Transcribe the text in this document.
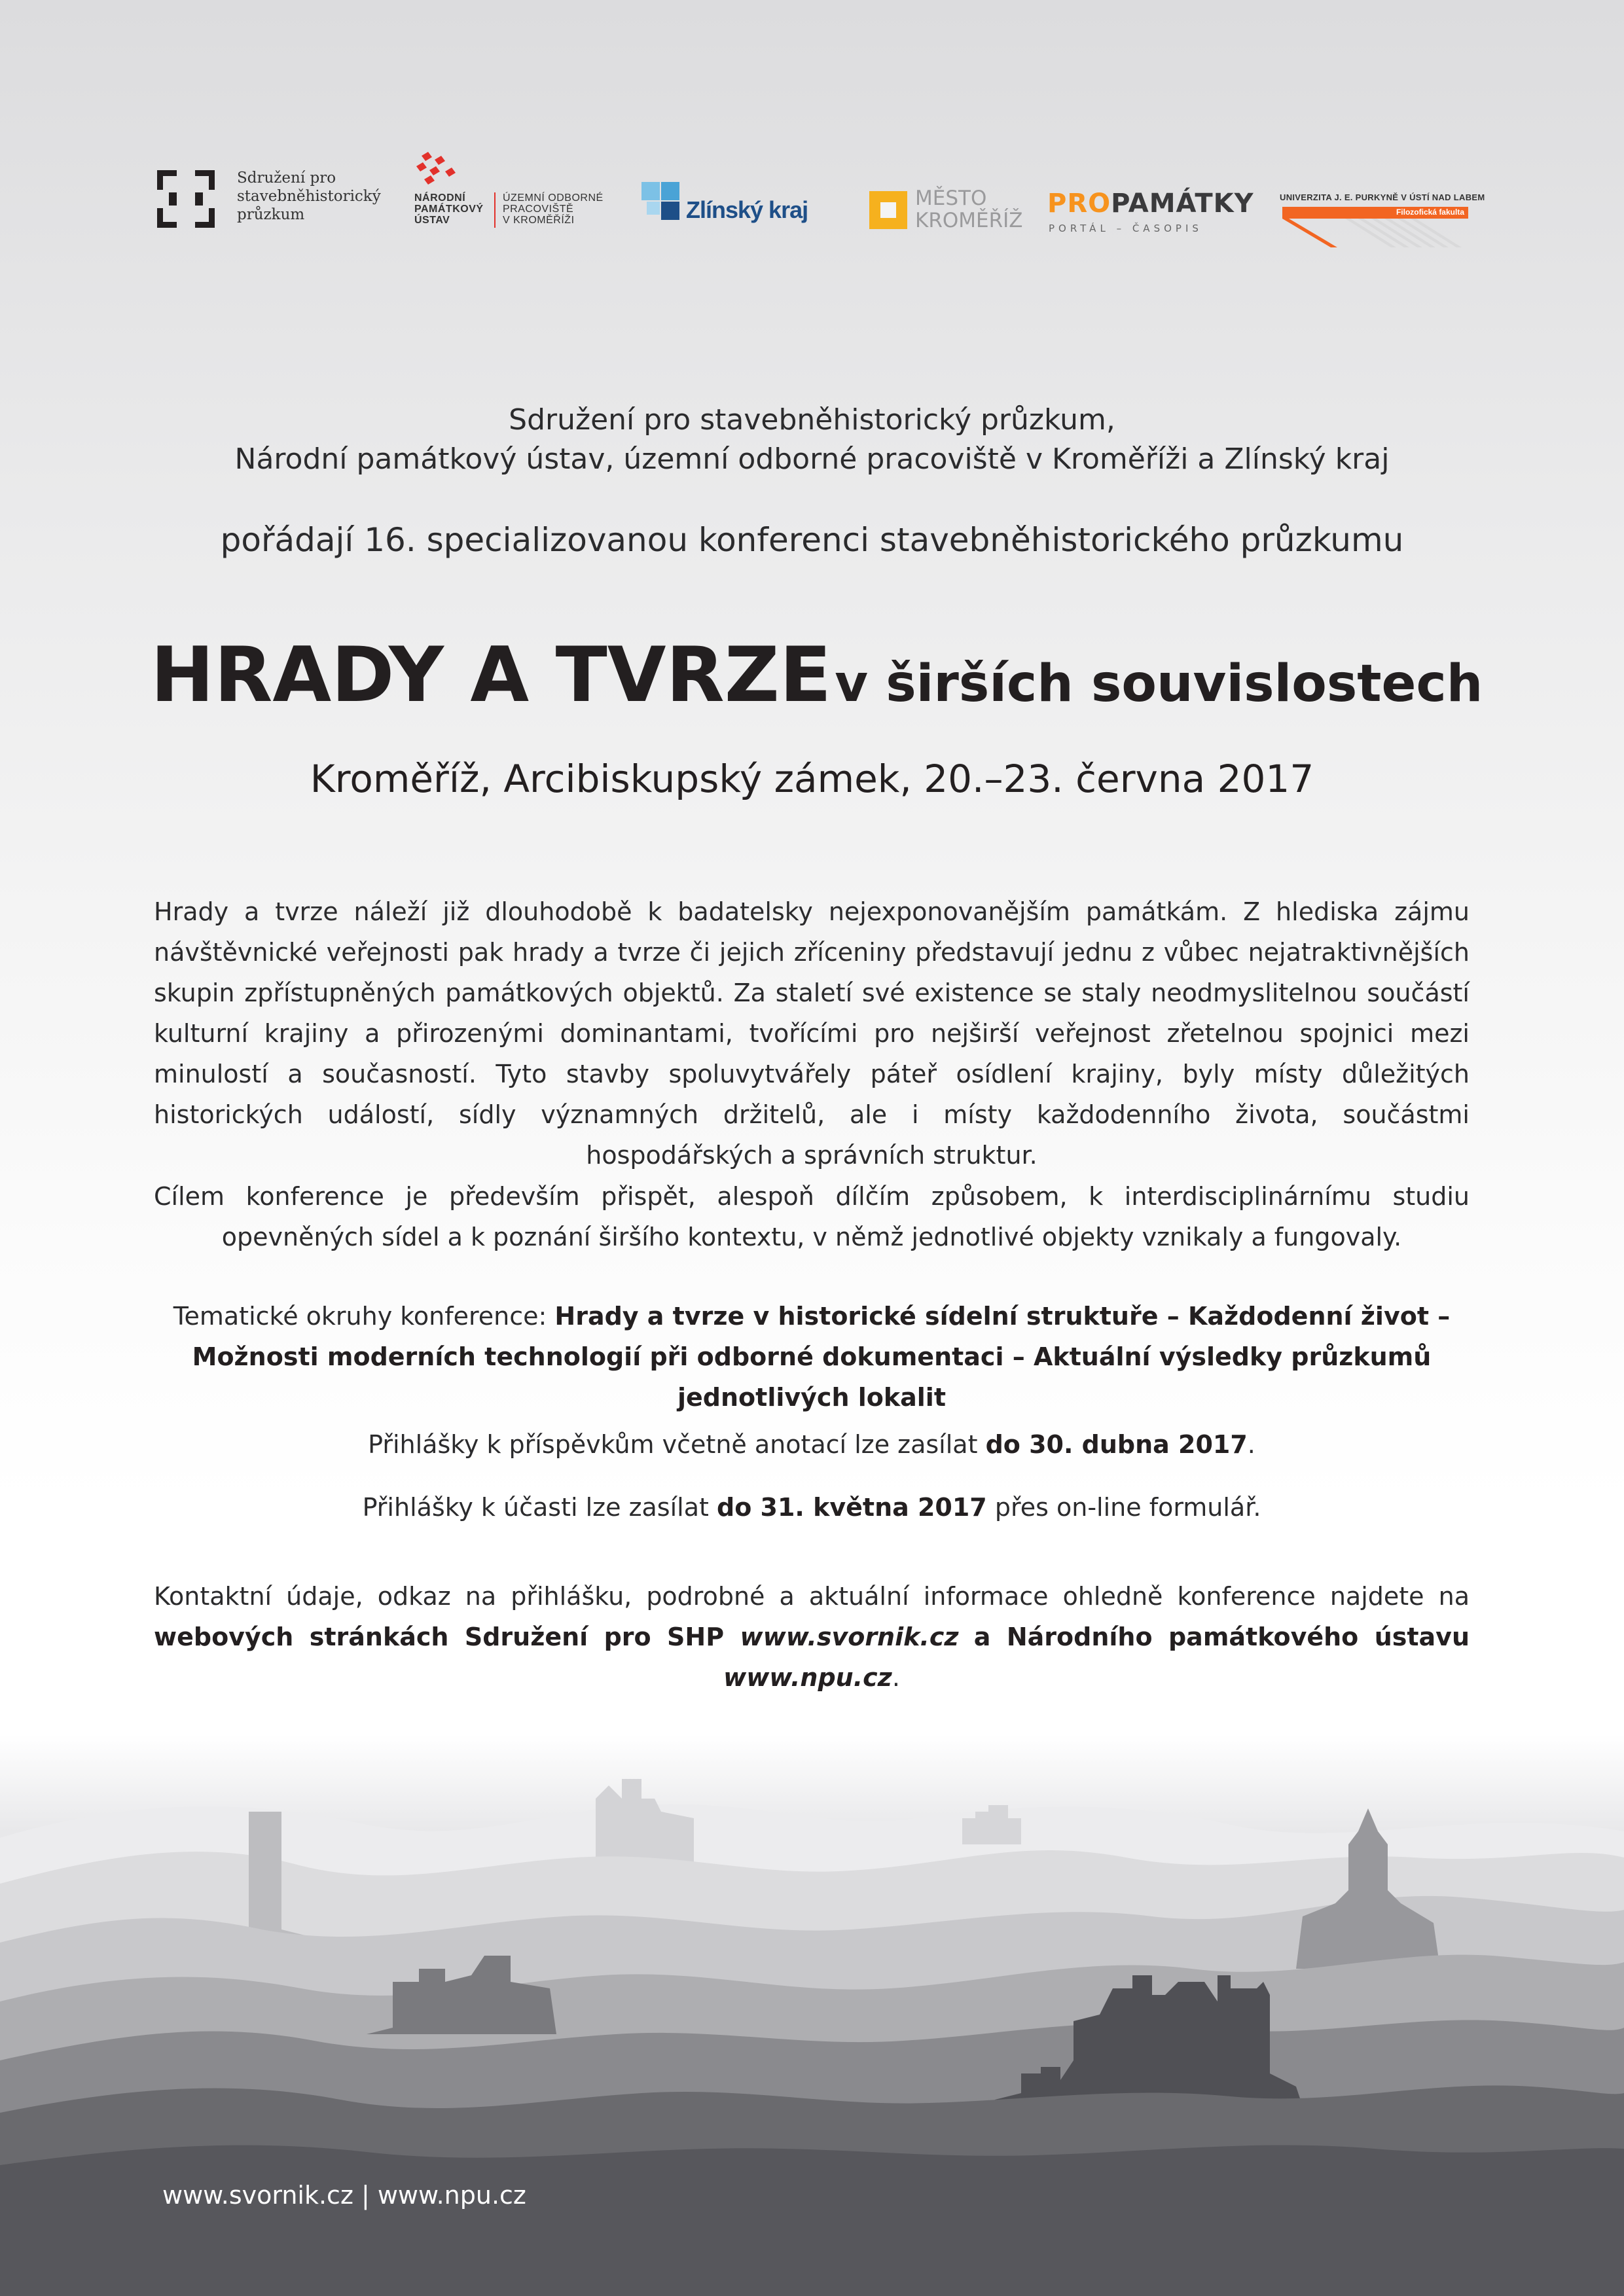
Sdružení pro
stavebněhistorický
průzkum
NÁRODNÍ
PAMÁTKOVÝ
ÚSTAV
ÚZEMNÍ ODBORNÉ
PRACOVIŠTĚ
V KROMĚŘÍŽI	Zlínský kraj	MĚSTO
KROMĚŘÍŽ
PROPAMÁTKY
PORTÁL – ČASOPIS
UNIVERZITA J. E. PURKYNĚ V ÚSTÍ NAD LABEM
Filozofická fakulta
Sdružení pro stavebněhistorický průzkum,
Národní památkový ústav, územní odborné pracoviště v Kroměříži a Zlínský kraj
pořádají 16. specializovanou konferenci stavebněhistorického průzkumu
HRADY A TVRZE v širších souvislostech
Kroměříž, Arcibiskupský zámek, 20.–23. června 2017
Hrady a tvrze náleží již dlouhodobě k badatelsky nejexponovanějším památkám. Z hlediska zájmu návštěvnické veřejnosti pak hrady a tvrze či jejich zříceniny představují jednu z vůbec nejatraktivnějších skupin zpřístupněných památkových objektů. Za staletí své existence se staly neodmyslitelnou součástí kulturní krajiny a přirozenými dominantami, tvořícími pro nejširší veřejnost zřetelnou spojnici mezi minulostí a současností. Tyto stavby spoluvytvářely páteř osídlení krajiny, byly místy důležitých historických událostí, sídly významných držitelů, ale i místy každodenního života, součástmi hospodářských a správních struktur.
Cílem konference je především přispět, alespoň dílčím způsobem, k interdisciplinárnímu studiu opevněných sídel a k poznání širšího kontextu, v němž jednotlivé objekty vznikaly a fungovaly.
Tematické okruhy konference: Hrady a tvrze v historické sídelní struktuře – Každodenní život – Možnosti moderních technologií při odborné dokumentaci – Aktuální výsledky průzkumů jednotlivých lokalit
Přihlášky k příspěvkům včetně anotací lze zasílat do 30. dubna 2017.
Přihlášky k účasti lze zasílat do 31. května 2017 přes on-line formulář.
Kontaktní údaje, odkaz na přihlášku, podrobné a aktuální informace ohledně konference najdete na webových stránkách Sdružení pro SHP www.svornik.cz a Národního památkového ústavu www.npu.cz.
www.svornik.cz | www.npu.cz
